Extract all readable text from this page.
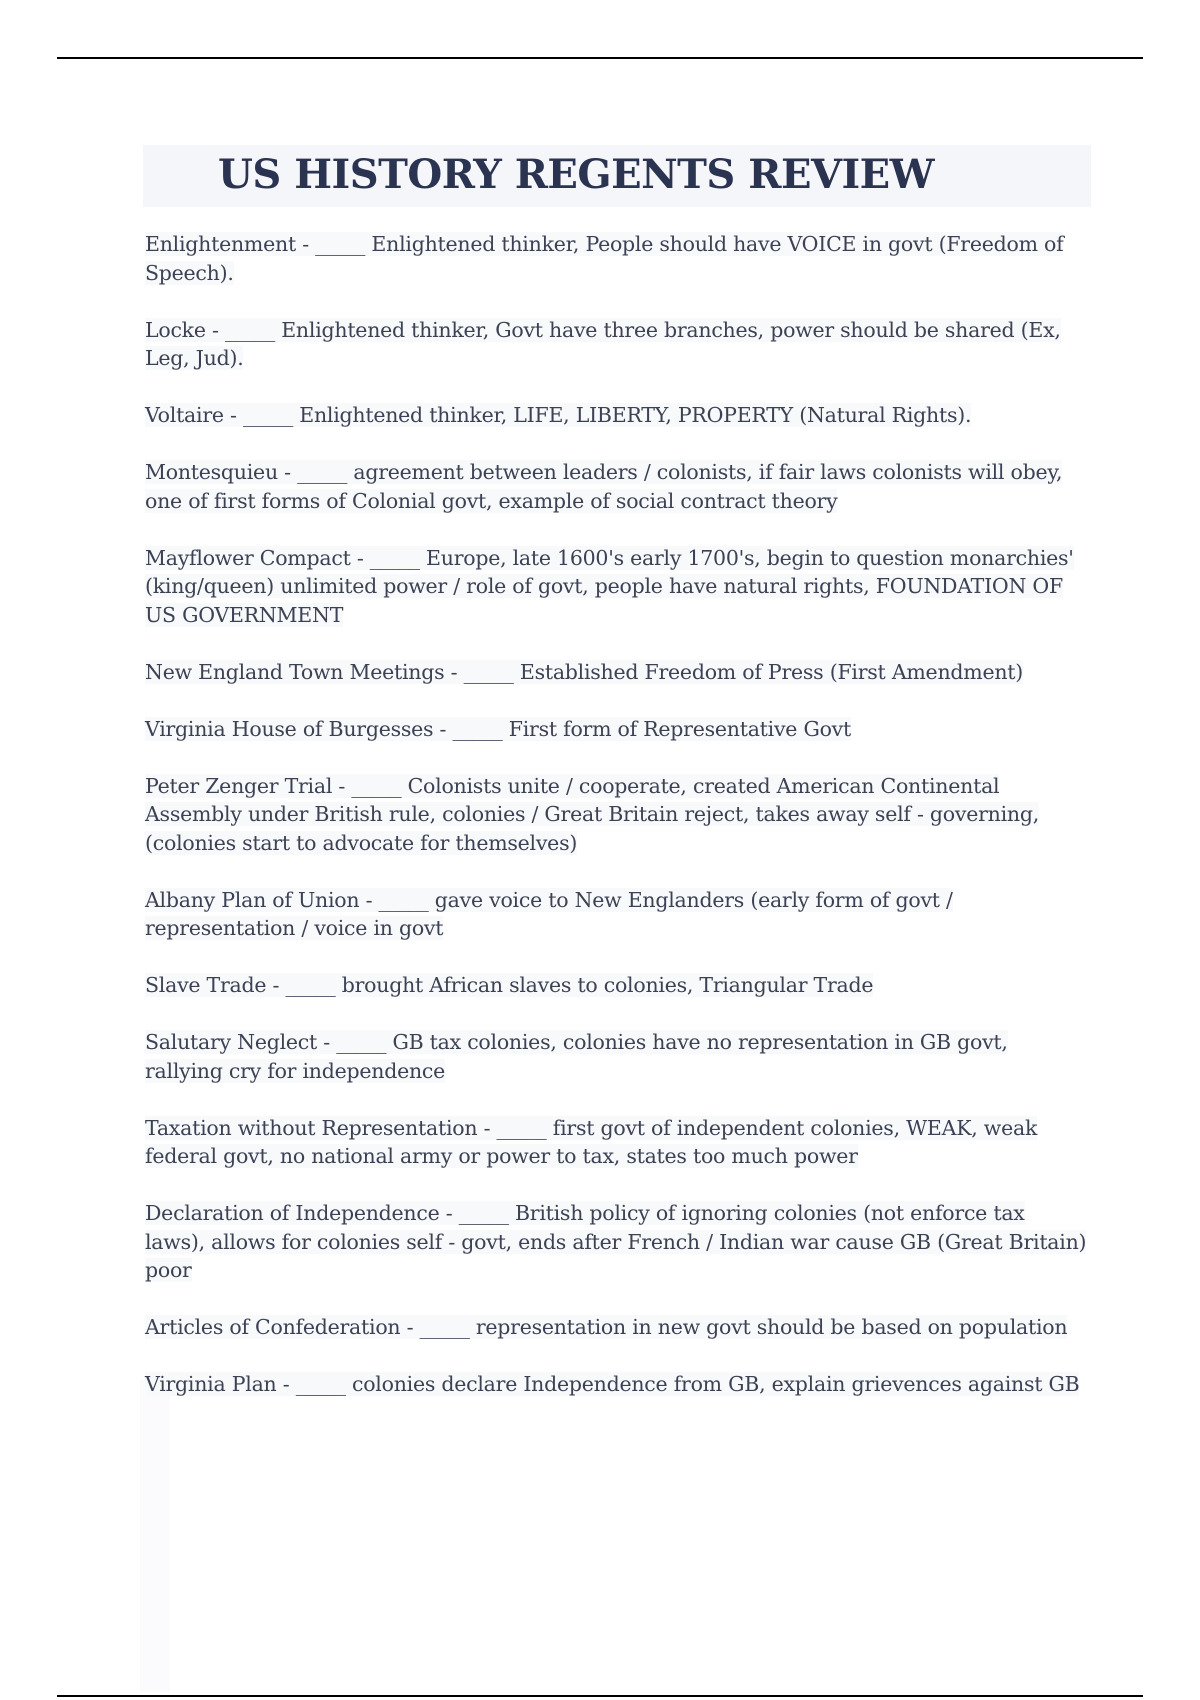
US HISTORY REGENTS REVIEW
Enlightenment - _____ Enlightened thinker, People should have VOICE in govt (Freedom of Speech).
Locke - _____ Enlightened thinker, Govt have three branches, power should be shared (Ex, Leg, Jud).
Voltaire - _____ Enlightened thinker, LIFE, LIBERTY, PROPERTY (Natural Rights).
Montesquieu - _____ agreement between leaders / colonists, if fair laws colonists will obey, one of first forms of Colonial govt, example of social contract theory
Mayflower Compact - _____ Europe, late 1600's early 1700's, begin to question monarchies' (king/queen) unlimited power / role of govt, people have natural rights, FOUNDATION OF US GOVERNMENT
New England Town Meetings - _____ Established Freedom of Press (First Amendment)
Virginia House of Burgesses - _____ First form of Representative Govt
Peter Zenger Trial - _____ Colonists unite / cooperate, created American Continental Assembly under British rule, colonies / Great Britain reject, takes away self - governing, (colonies start to advocate for themselves)
Albany Plan of Union - _____ gave voice to New Englanders (early form of govt / representation / voice in govt
Slave Trade - _____ brought African slaves to colonies, Triangular Trade
Salutary Neglect - _____ GB tax colonies, colonies have no representation in GB govt, rallying cry for independence
Taxation without Representation - _____ first govt of independent colonies, WEAK, weak federal govt, no national army or power to tax, states too much power
Declaration of Independence - _____ British policy of ignoring colonies (not enforce tax laws), allows for colonies self - govt, ends after French / Indian war cause GB (Great Britain) poor
Articles of Confederation - _____ representation in new govt should be based on population
Virginia Plan - _____ colonies declare Independence from GB, explain grievences against GB
